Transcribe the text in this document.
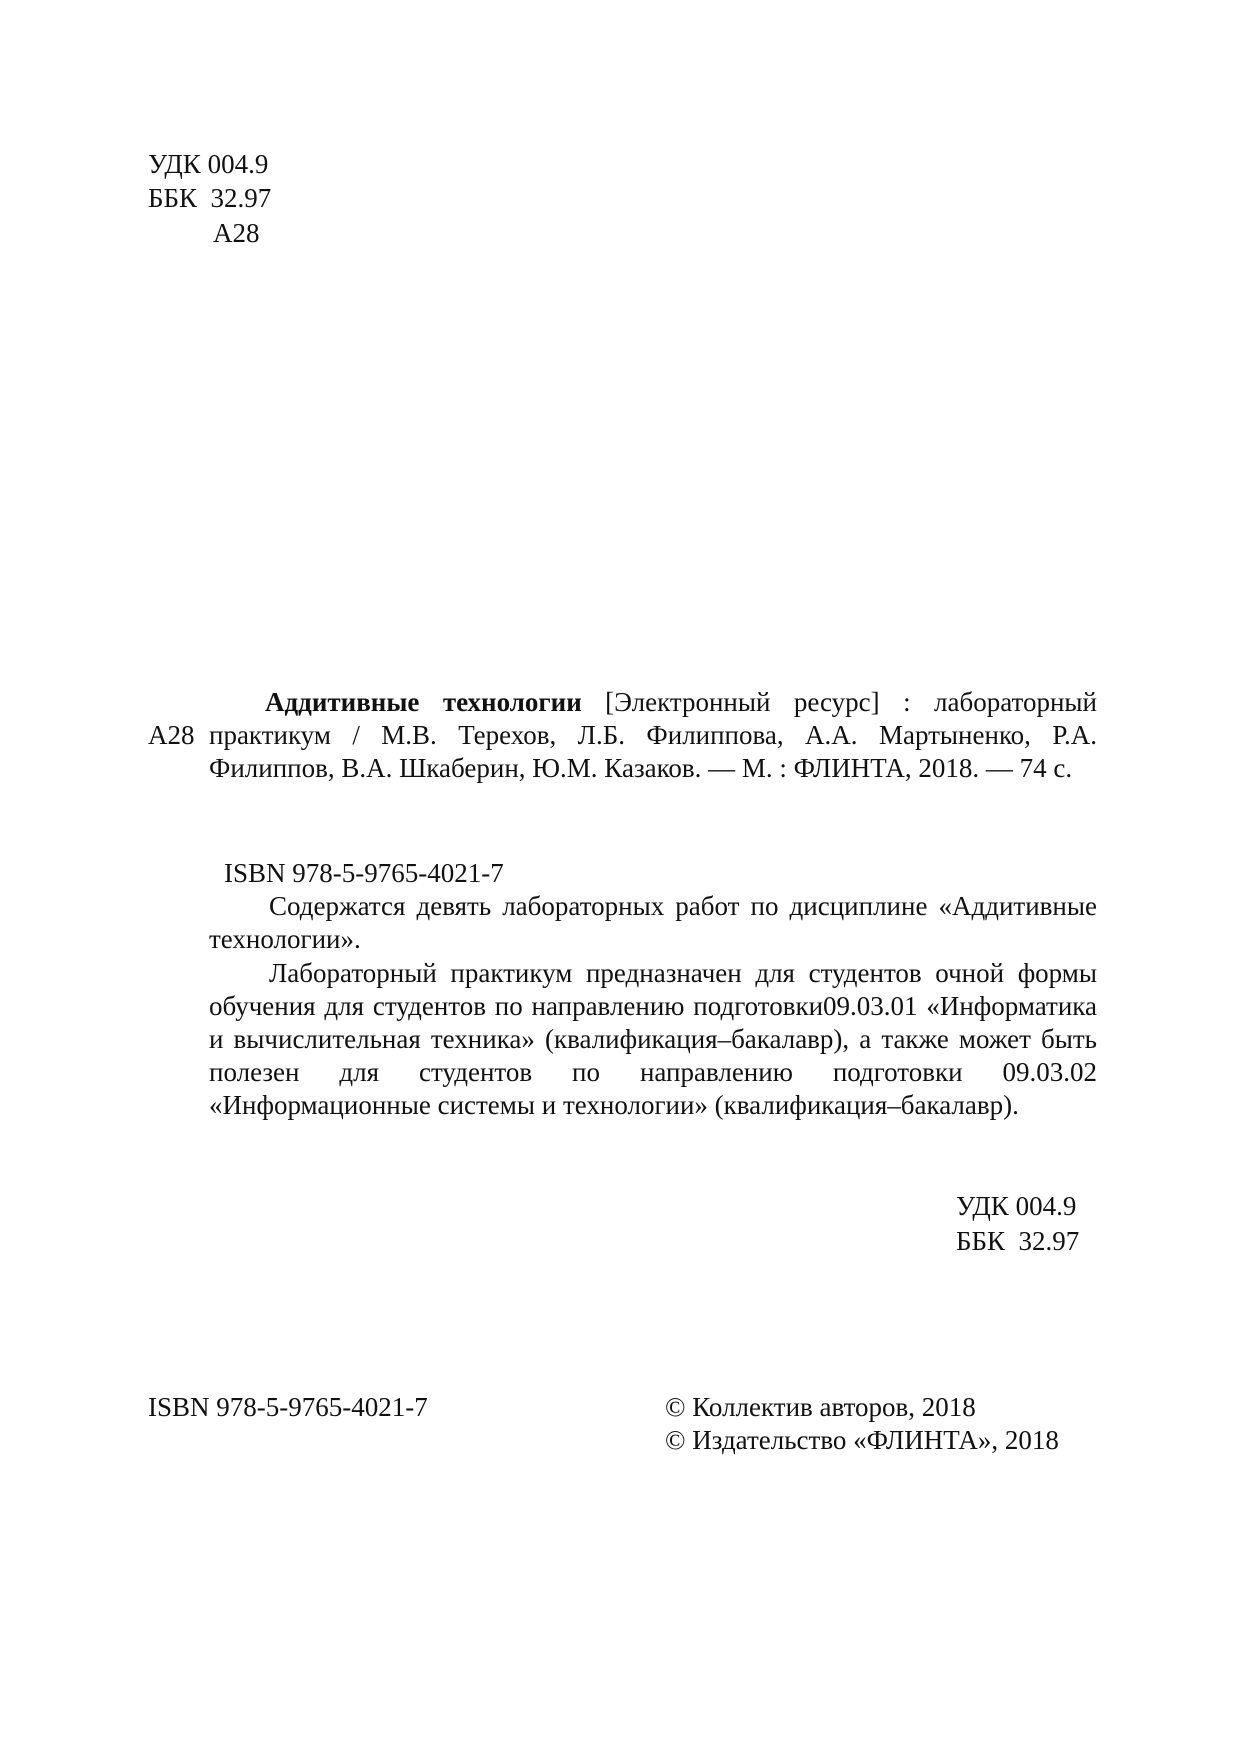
УДК 004.9
ББК  32.97
А28
А28
Аддитивные технологии [Электронный ресурс] : лабораторный практикум / М.В. Терехов, Л.Б. Филиппова, А.А. Мартыненко, Р.А. Филиппов, В.А. Шкаберин, Ю.М. Казаков. — М. : ФЛИНТА, 2018. — 74 с.
ISBN 978-5-9765-4021-7
Содержатся девять лабораторных работ по дисциплине «Аддитивные технологии».
Лабораторный практикум предназначен для студентов очной формы обучения для студентов по направлению подготовки09.03.01 «Информатика и вычислительная техника» (квалификация–бакалавр), а также может быть полезен для студентов по направлению подготовки 09.03.02 «Информационные системы и технологии» (квалификация–бакалавр).
УДК 004.9
ББК  32.97
ISBN 978-5-9765-4021-7	© Коллектив авторов, 2018
© Издательство «ФЛИНТА», 2018
